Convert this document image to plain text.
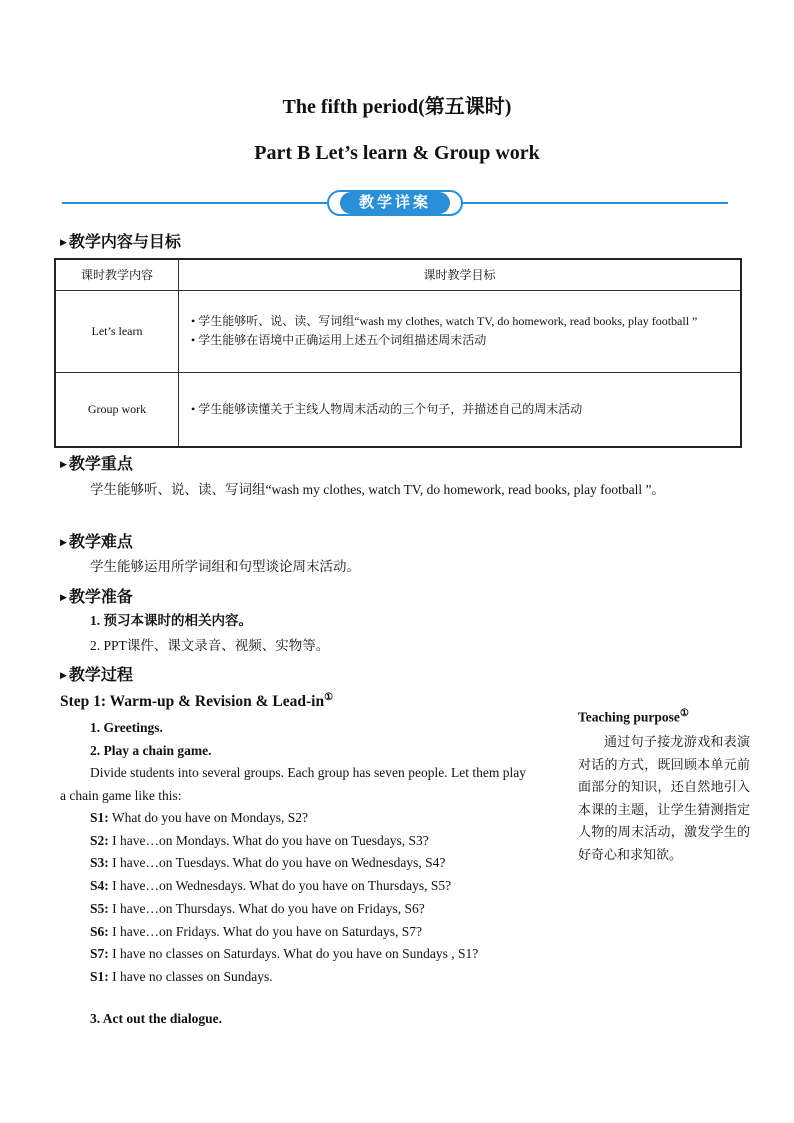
The fifth period(第五课时)
Part B Let’s learn & Group work
教学详案
▶ 教学内容与目标
课时教学内容	课时教学目标
Let’s learn	• 学生能够听、说、读、写词组“wash my clothes, watch TV, do homework, read books, play football ”
• 学生能够在语境中正确运用上述五个词组描述周末活动

Group work	• 学生能够读懂关于主线人物周末活动的三个句子，并描述自己的周末活动
▶ 教学重点
学生能够听、说、读、写词组“wash my clothes, watch TV, do homework, read books, play football ”。
▶ 教学难点
学生能够运用所学词组和句型谈论周末活动。
▶ 教学准备
1. 预习本课时的相关内容。
2. PPT课件、课文录音、视频、实物等。
▶ 教学过程
Step 1: Warm-up & Revision & Lead-in①
1. Greetings.
2. Play a chain game.
Divide students into several groups. Each group has seven people. Let them play a chain game like this:
S1: What do you have on Mondays, S2?
S2: I have…on Mondays. What do you have on Tuesdays, S3?
S3: I have…on Tuesdays. What do you have on Wednesdays, S4?
S4: I have…on Wednesdays. What do you have on Thursdays, S5?
S5: I have…on Thursdays. What do you have on Fridays, S6?
S6: I have…on Fridays. What do you have on Saturdays, S7?
S7: I have no classes on Saturdays. What do you have on Sundays , S1?
S1: I have no classes on Sundays.
3. Act out the dialogue.
Teaching purpose①
通过句子接龙游戏和表演对话的方式，既回顾本单元前面部分的知识，还自然地引入本课的主题，让学生猜测指定人物的周末活动，激发学生的好奇心和求知欲。
